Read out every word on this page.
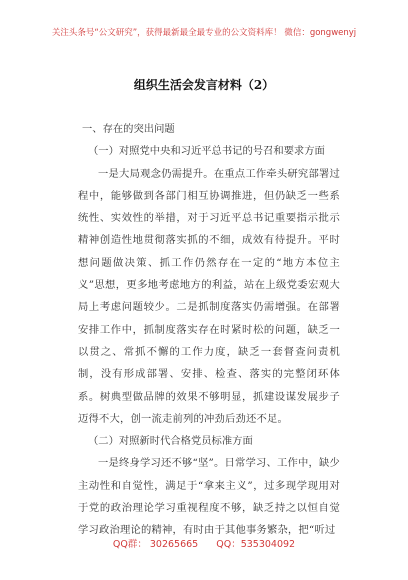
关注头条号“公文研究”，获得最新最全最专业的公文资料库！ 微信：gongwenyj
组织生活会发言材料（2）

一、存在的突出问题

（一）对照党中央和习近平总书记的号召和要求方面

一是大局观念仍需提升。在重点工作牵头研究部署过程中，能够做到各部门相互协调推进，但仍缺乏一些系统性、实效性的举措，对于习近平总书记重要指示批示精神创造性地贯彻落实抓的不细，成效有待提升。平时想问题做决策、抓工作仍然存在一定的“地方本位主义”思想，更多地考虑地方的利益，站在上级党委宏观大局上考虑问题较少。二是抓制度落实仍需增强。在部署安排工作中，抓制度落实存在时紧时松的问题，缺乏一以贯之、常抓不懈的工作力度，缺乏一套督查问责机制，没有形成部署、安排、检查、落实的完整闭环体系。树典型做品牌的效果不够明显，抓建设谋发展步子迈得不大，创一流走前列的冲劲后劲还不足。

（二）对照新时代合格党员标准方面

一是终身学习还不够“坚”。日常学习、工作中，缺少主动性和自觉性，满足于“拿来主义”，过多现学现用对于党的政治理论学习重视程度不够，缺乏持之以恒自觉学习政治理论的精神，有时由于其他事务繁杂，把“听过

QQ群： 30265665 QQ：535304092
